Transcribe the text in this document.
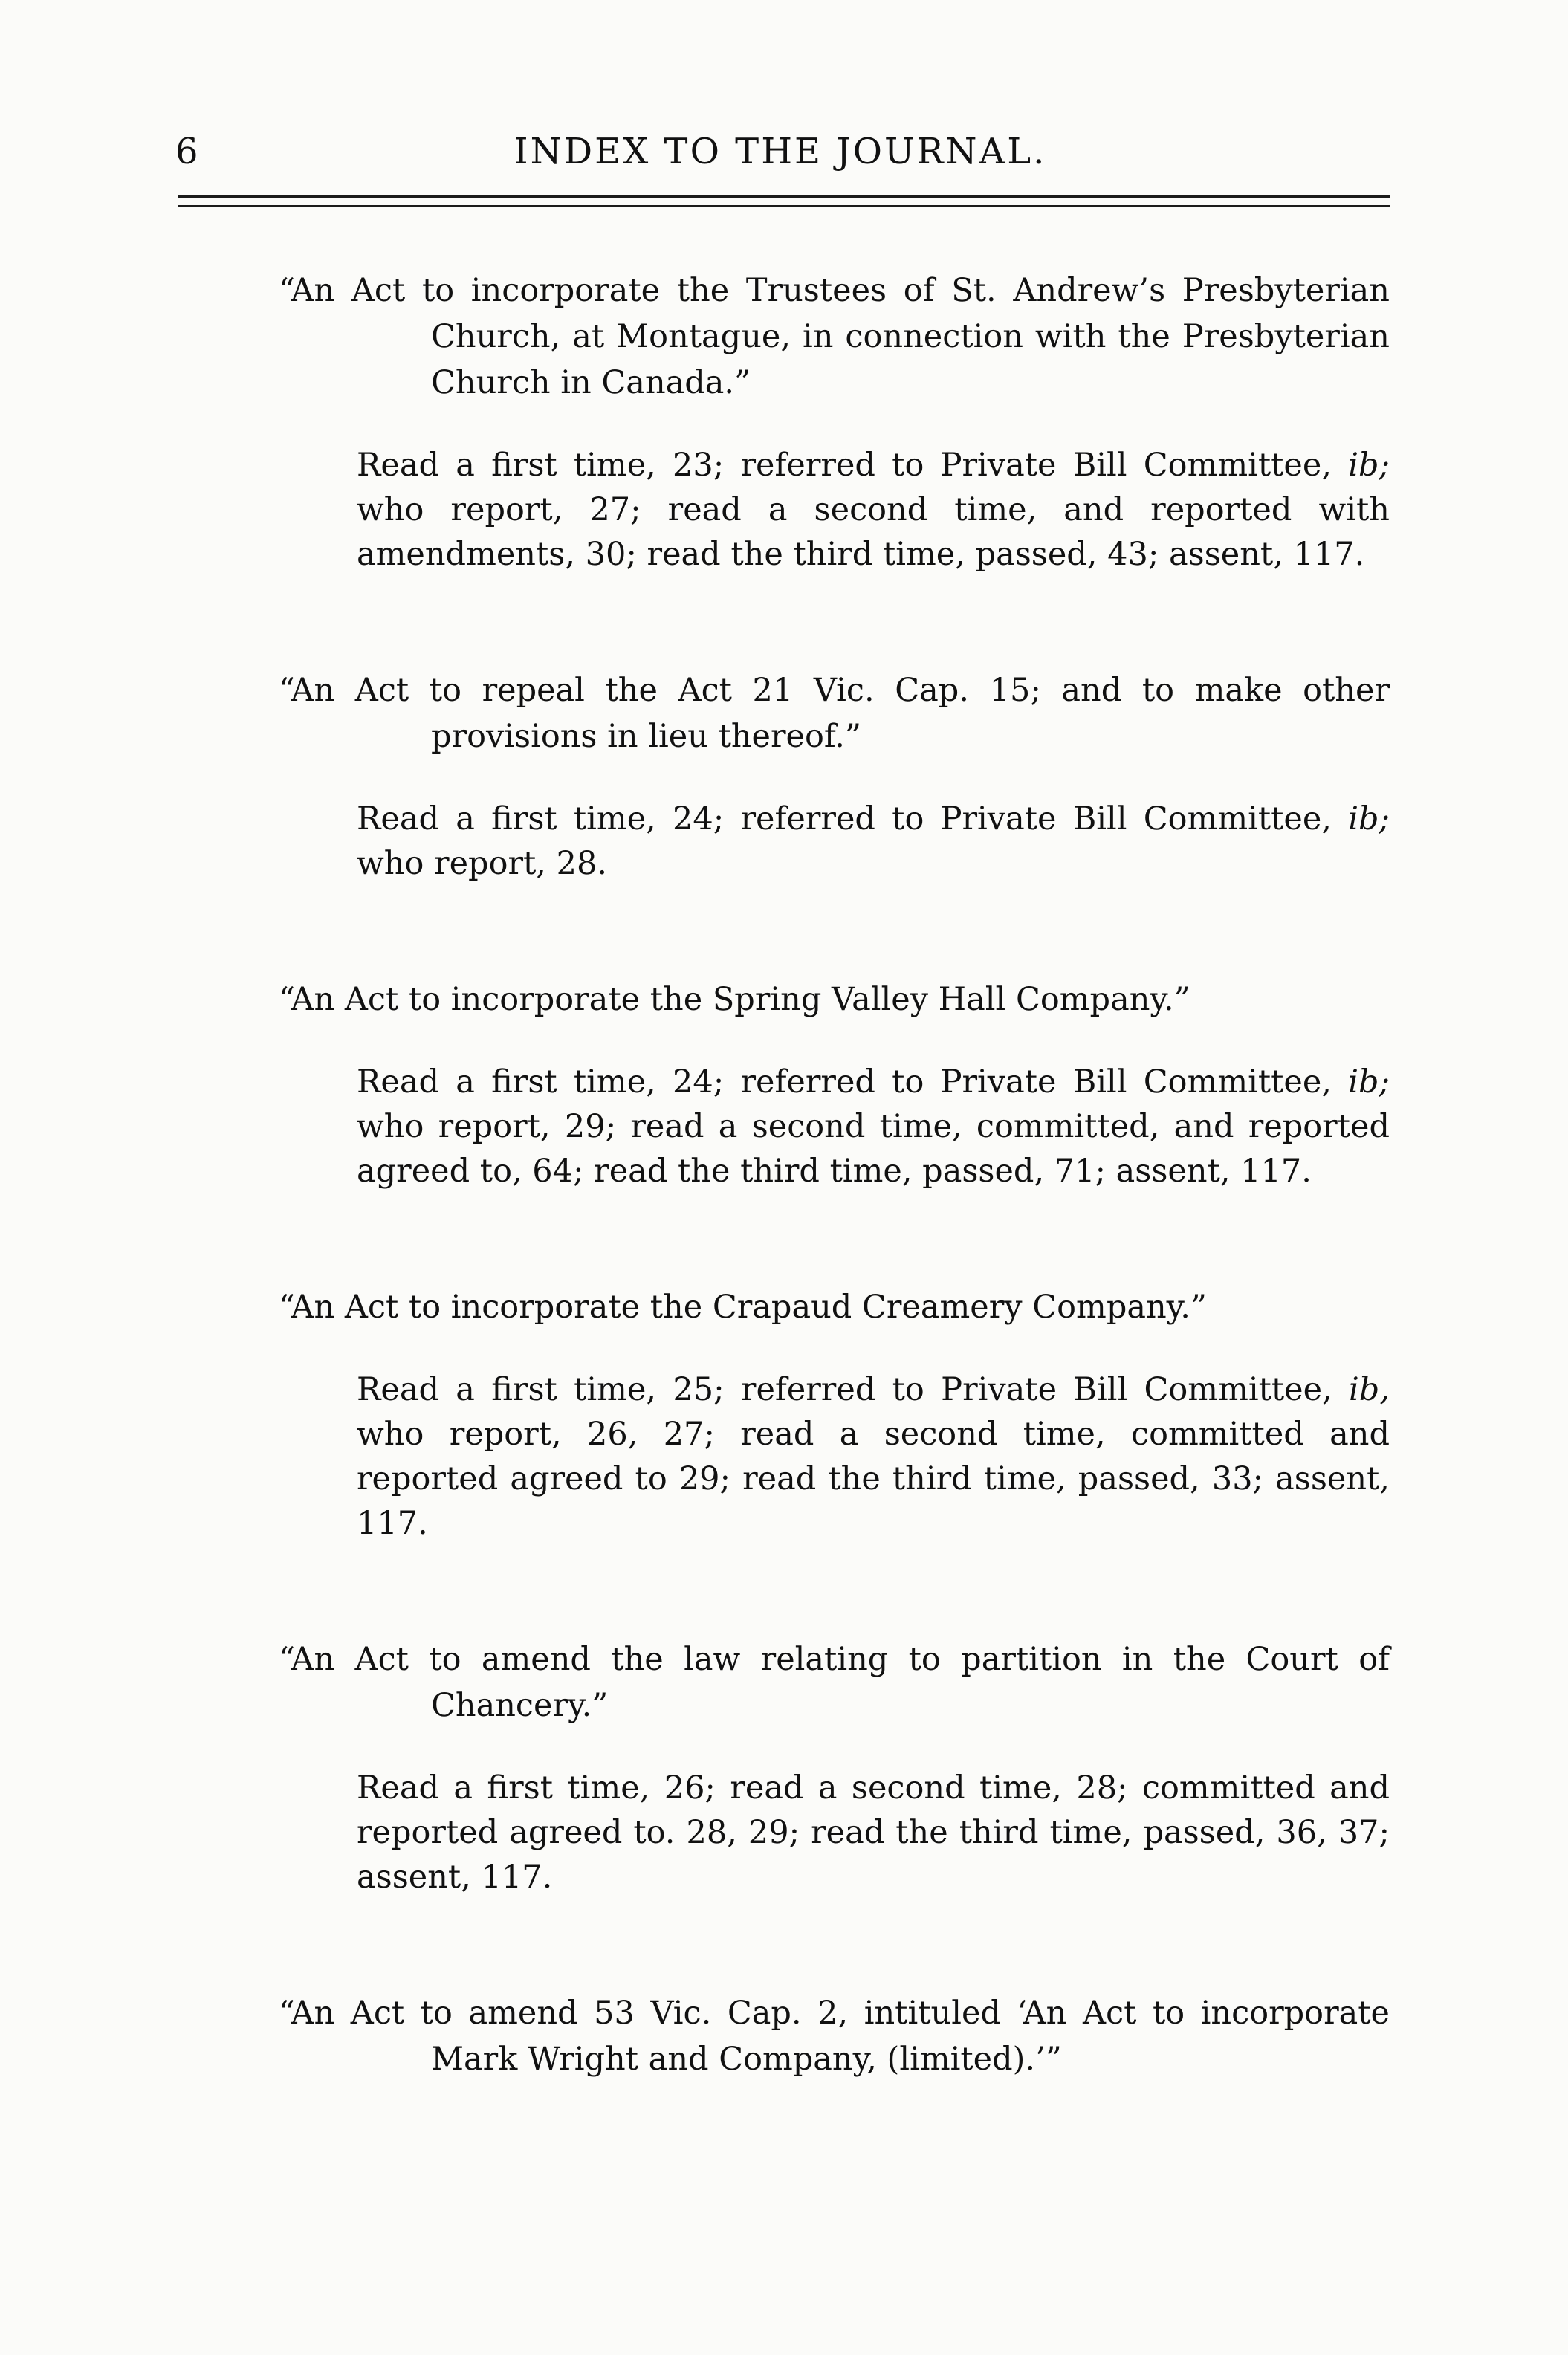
6	INDEX TO THE JOURNAL.

“An Act to incorporate the Trustees of St. Andrew’s Presbyterian Church, at Montague, in connection with the Presbyterian Church in Canada.”

Read a first time, 23; referred to Private Bill Committee, ib; who report, 27; read a second time, and reported with amendments, 30; read the third time, passed, 43; assent, 117.

“An Act to repeal the Act 21 Vic. Cap. 15; and to make other provisions in lieu thereof.”

Read a first time, 24; referred to Private Bill Committee, ib; who report, 28.

“An Act to incorporate the Spring Valley Hall Company.”

Read a first time, 24; referred to Private Bill Committee, ib; who report, 29; read a second time, committed, and reported agreed to, 64; read the third time, passed, 71; assent, 117.

“An Act to incorporate the Crapaud Creamery Company.”

Read a first time, 25; referred to Private Bill Committee, ib, who report, 26, 27; read a second time, committed and reported agreed to 29; read the third time, passed, 33; assent, 117.

“An Act to amend the law relating to partition in the Court of Chancery.”

Read a first time, 26; read a second time, 28; committed and reported agreed to. 28, 29; read the third time, passed, 36, 37; assent, 117.

“An Act to amend 53 Vic. Cap. 2, intituled ‘An Act to incorporate Mark Wright and Company, (limited).’”
